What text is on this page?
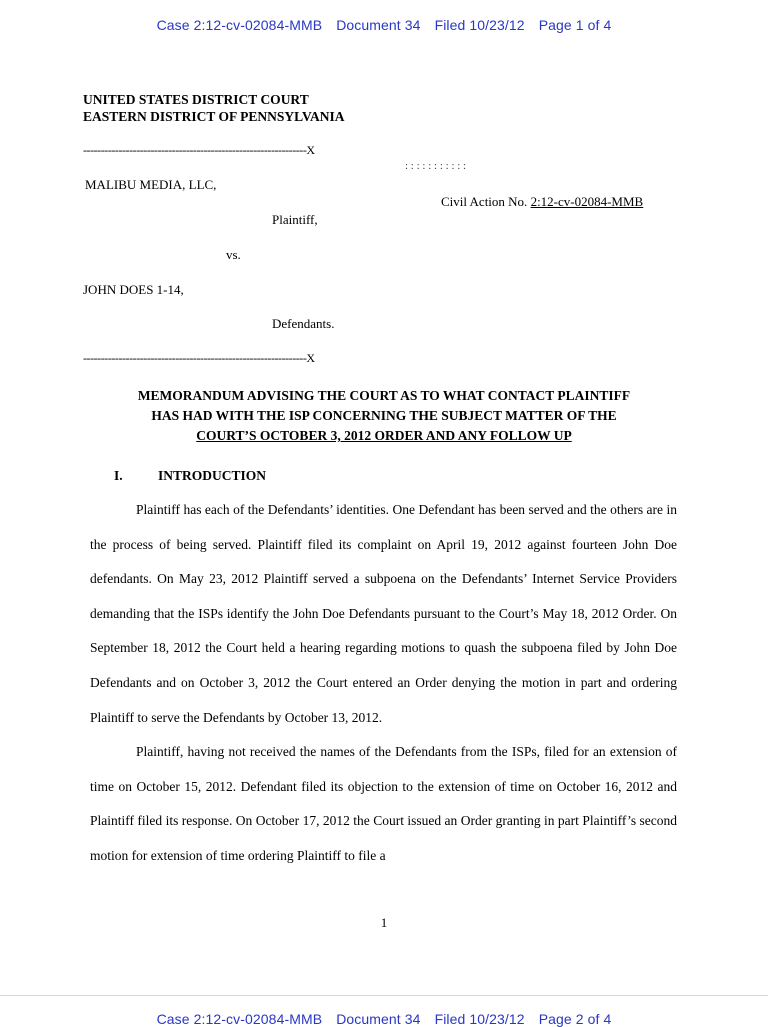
Case 2:12-cv-02084-MMB Document 34 Filed 10/23/12 Page 1 of 4
UNITED STATES DISTRICT COURT
EASTERN DISTRICT OF PENNSYLVANIA
---------------------------------------------------------------X
MALIBU MEDIA, LLC,
Plaintiff,
vs.
JOHN DOES 1-14,
Defendants.
: : : : : : : : : : :
Civil Action No. 2:12-cv-02084-MMB
---------------------------------------------------------------X
MEMORANDUM ADVISING THE COURT AS TO WHAT CONTACT PLAINTIFF
HAS HAD WITH THE ISP CONCERNING THE SUBJECT MATTER OF THE
COURT’S OCTOBER 3, 2012 ORDER AND ANY FOLLOW UP
I.	INTRODUCTION

Plaintiff has each of the Defendants’ identities. One Defendant has been served and the others are in the process of being served. Plaintiff filed its complaint on April 19, 2012 against fourteen John Doe defendants. On May 23, 2012 Plaintiff served a subpoena on the Defendants’ Internet Service Providers demanding that the ISPs identify the John Doe Defendants pursuant to the Court’s May 18, 2012 Order. On September 18, 2012 the Court held a hearing regarding motions to quash the subpoena filed by John Doe Defendants and on October 3, 2012 the Court entered an Order denying the motion in part and ordering Plaintiff to serve the Defendants by October 13, 2012.

Plaintiff, having not received the names of the Defendants from the ISPs, filed for an extension of time on October 15, 2012. Defendant filed its objection to the extension of time on October 16, 2012 and Plaintiff filed its response. On October 17, 2012 the Court issued an Order granting in part Plaintiff’s second motion for extension of time ordering Plaintiff to file a

1
Case 2:12-cv-02084-MMB Document 34 Filed 10/23/12 Page 2 of 4
